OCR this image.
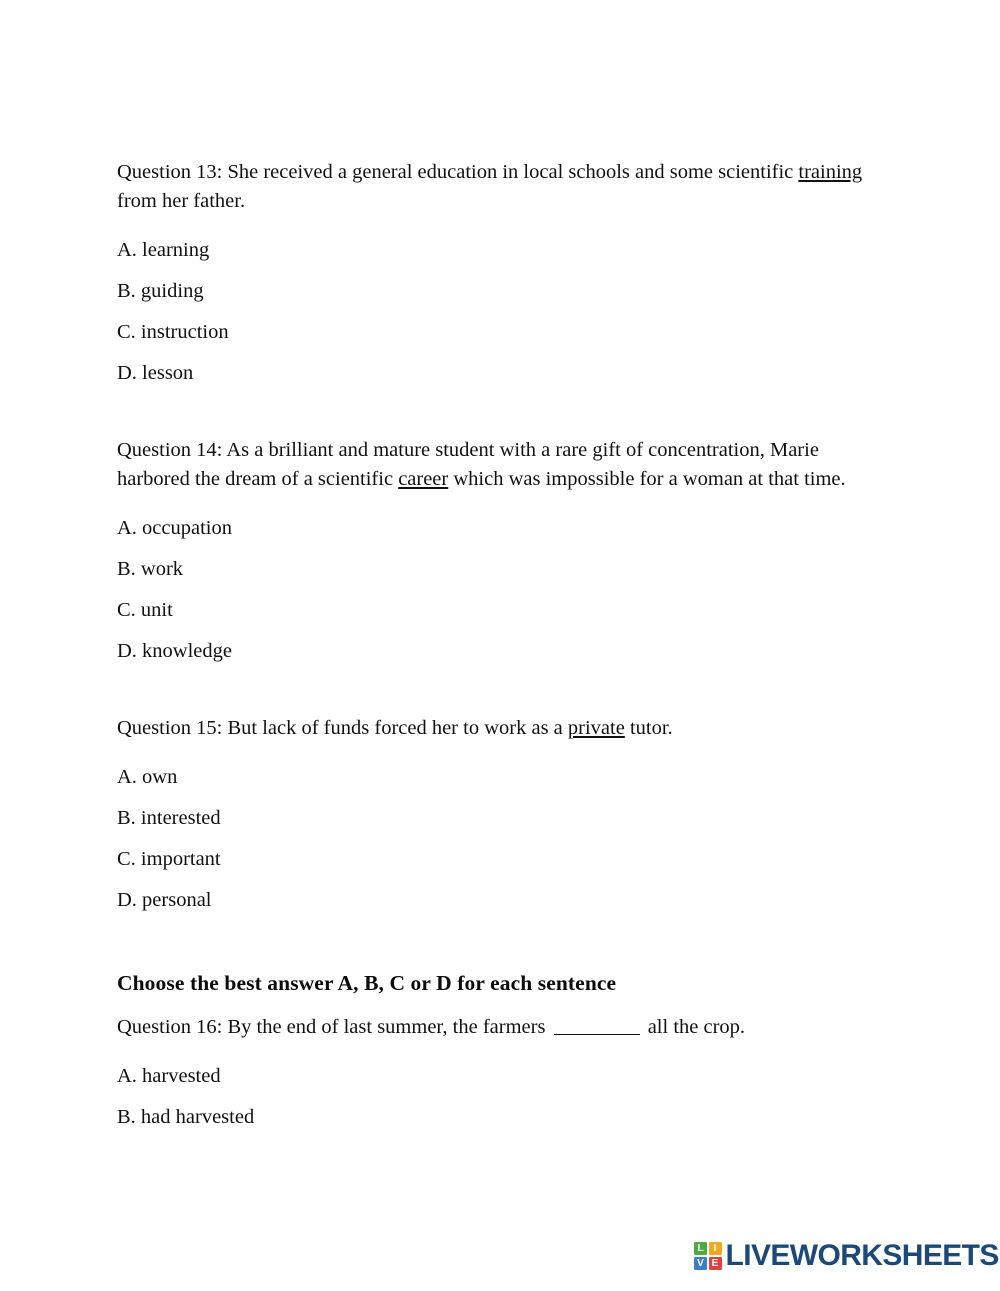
Question 13: She received a general education in local schools and some scientific training from her father.

A. learning

B. guiding

C. instruction

D. lesson

Question 14: As a brilliant and mature student with a rare gift of concentration, Marie harbored the dream of a scientific career which was impossible for a woman at that time.

A. occupation

B. work

C. unit

D. knowledge

Question 15: But lack of funds forced her to work as a private tutor.

A. own

B. interested

C. important

D. personal

Choose the best answer A, B, C or D for each sentence

Question 16: By the end of last summer, the farmers	all the crop.

A. harvested

B. had harvested

L	I
V E LIVEWORKSHEETS
